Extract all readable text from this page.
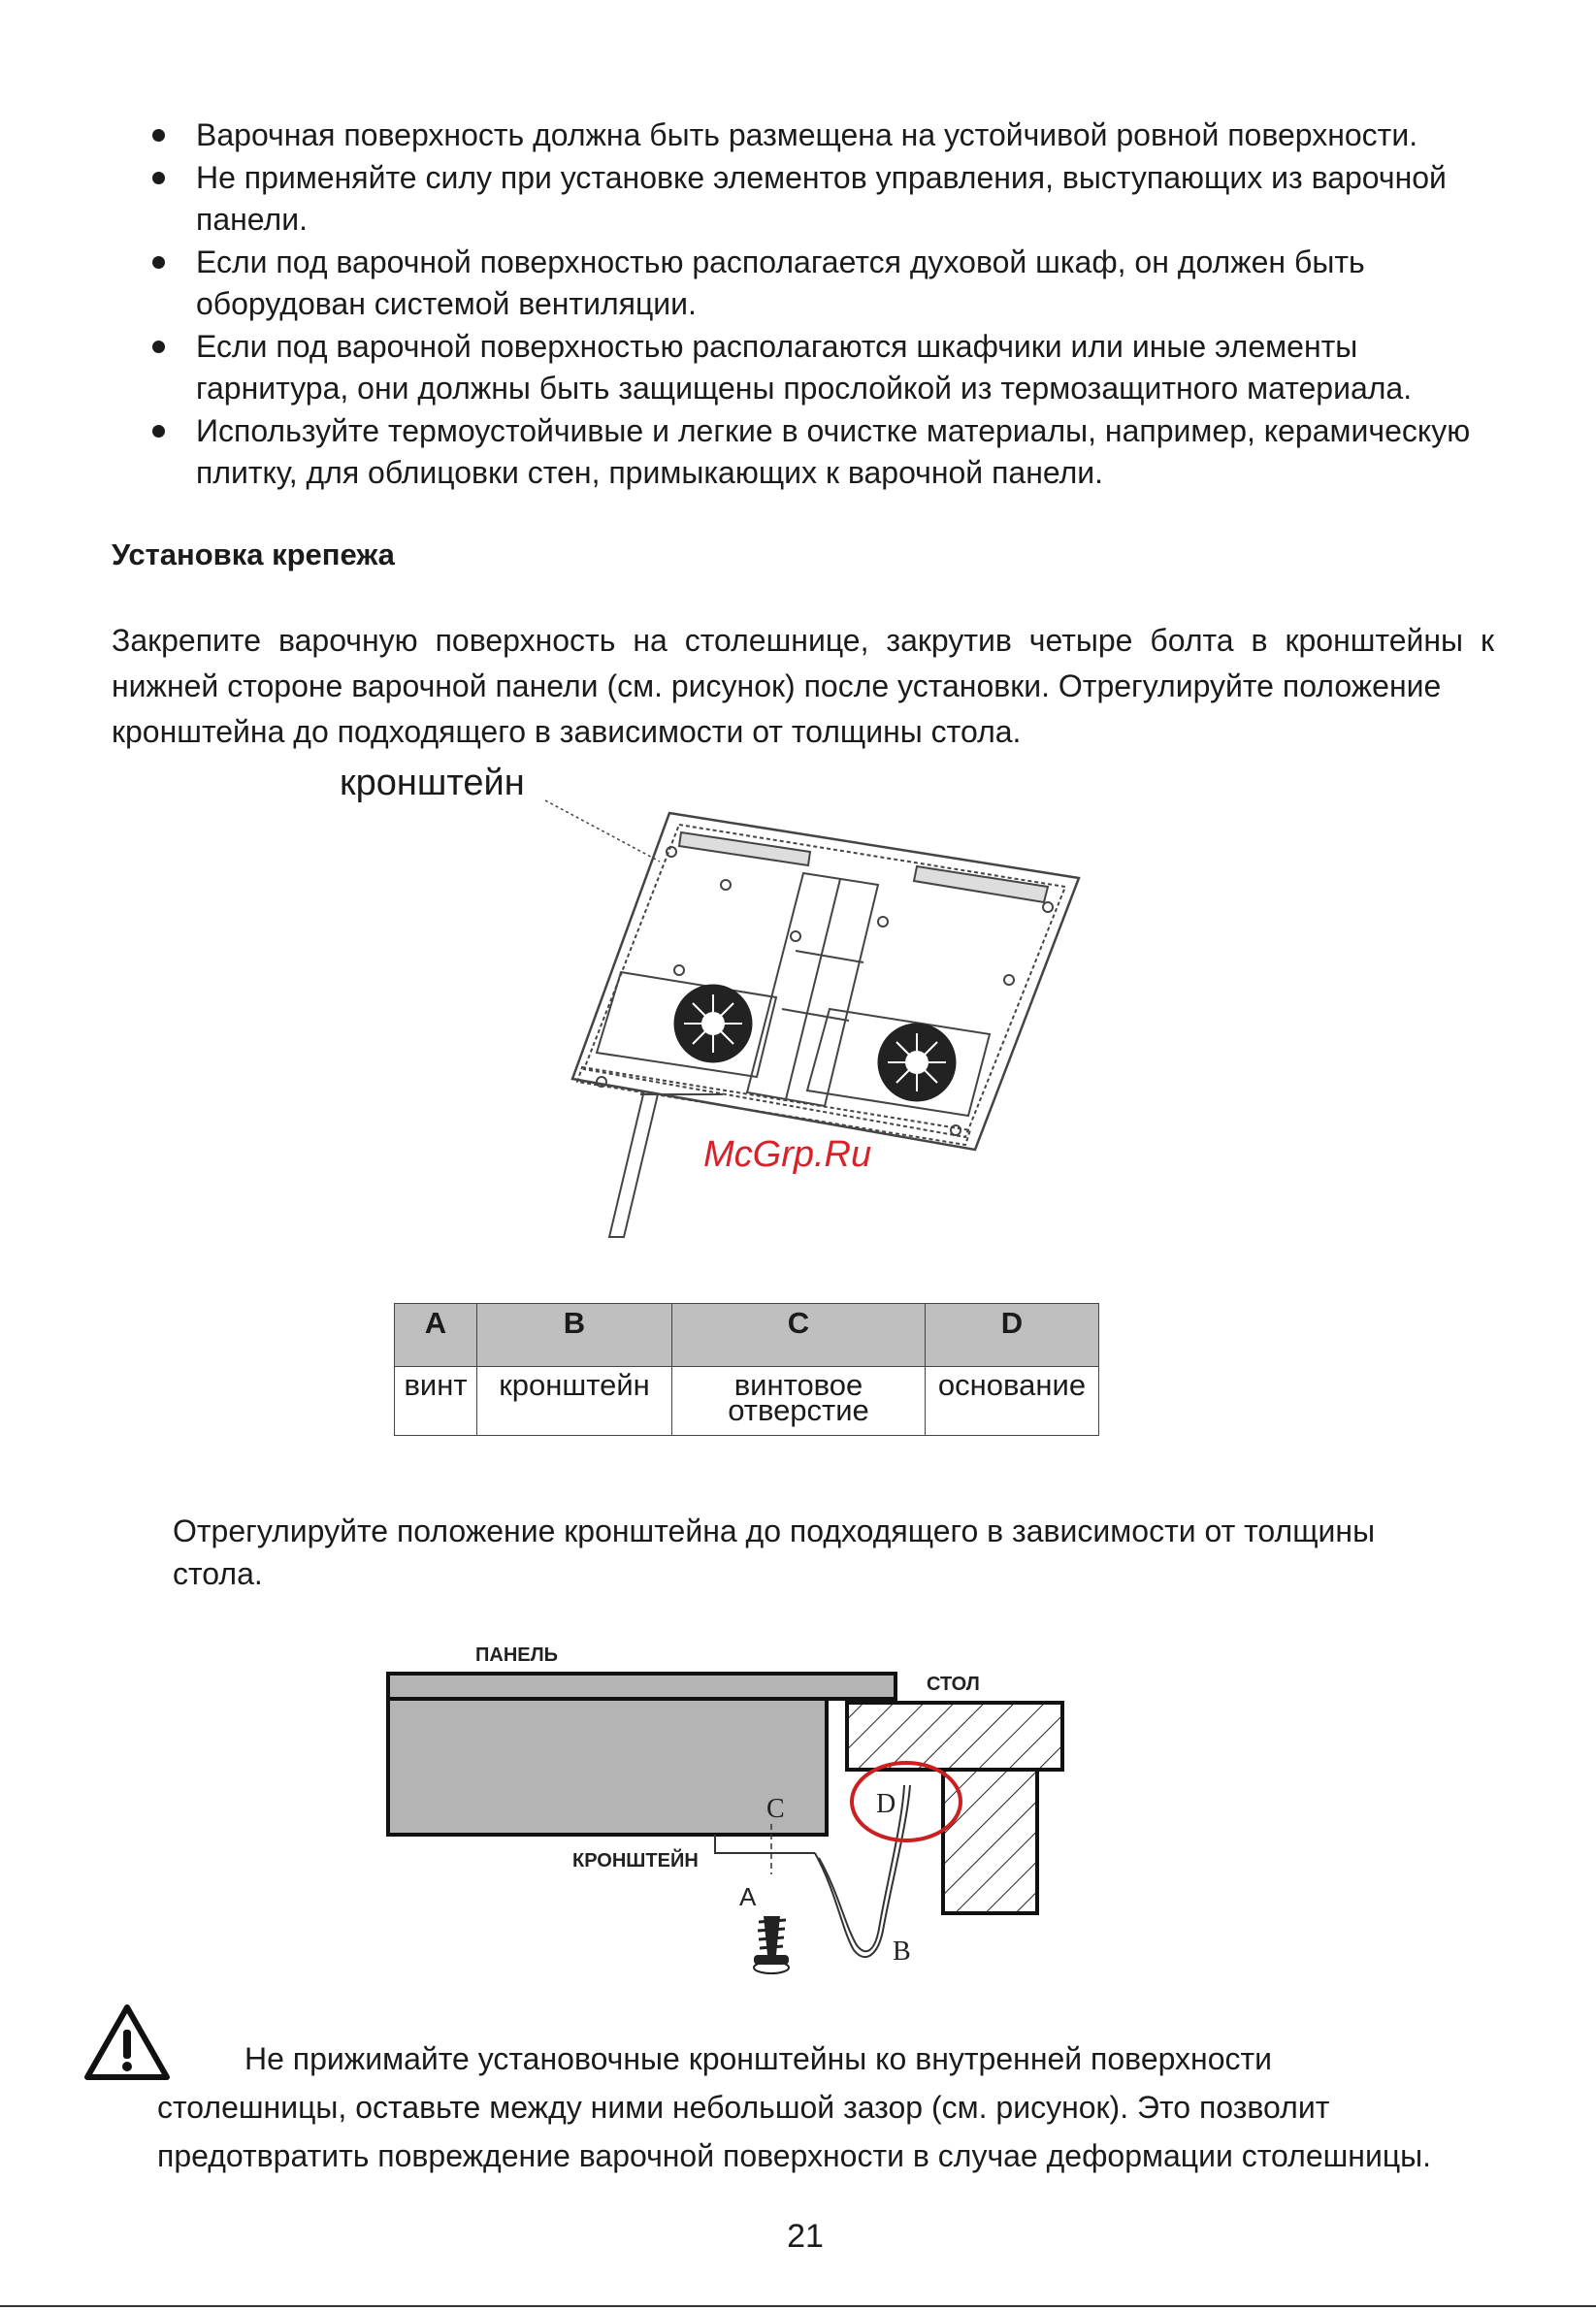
Варочная поверхность должна быть размещена на устойчивой ровной поверхности.
Не применяйте силу при установке элементов управления, выступающих из варочной панели.
Если под варочной поверхностью располагается духовой шкаф, он должен быть оборудован системой вентиляции.
Если под варочной поверхностью располагаются шкафчики или иные элементы гарнитура, они должны быть защищены прослойкой из термозащитного материала.
Используйте термоустойчивые и легкие в очистке материалы, например, керамическую плитку, для облицовки стен, примыкающих к варочной панели.
Установка крепежа
Закрепите варочную поверхность на столешнице, закрутив четыре болта в кронштейны к нижней стороне варочной панели (см. рисунок) после установки. Отрегулируйте положение
кронштейна до подходящего в зависимости от толщины стола.
кронштейн
McGrp.Ru
A	B	C	D
винт	кронштейн	винтовое отверстие	основание
Отрегулируйте положение кронштейна до подходящего в зависимости от толщины стола.
ПАНЕЛЬ
СТОЛ
КРОНШТЕЙН
A
B
C	D
Не прижимайте установочные кронштейны ко внутренней поверхности
столешницы, оставьте между ними небольшой зазор (см. рисунок). Это позволит
предотвратить повреждение варочной поверхности в случае деформации столешницы.
21
